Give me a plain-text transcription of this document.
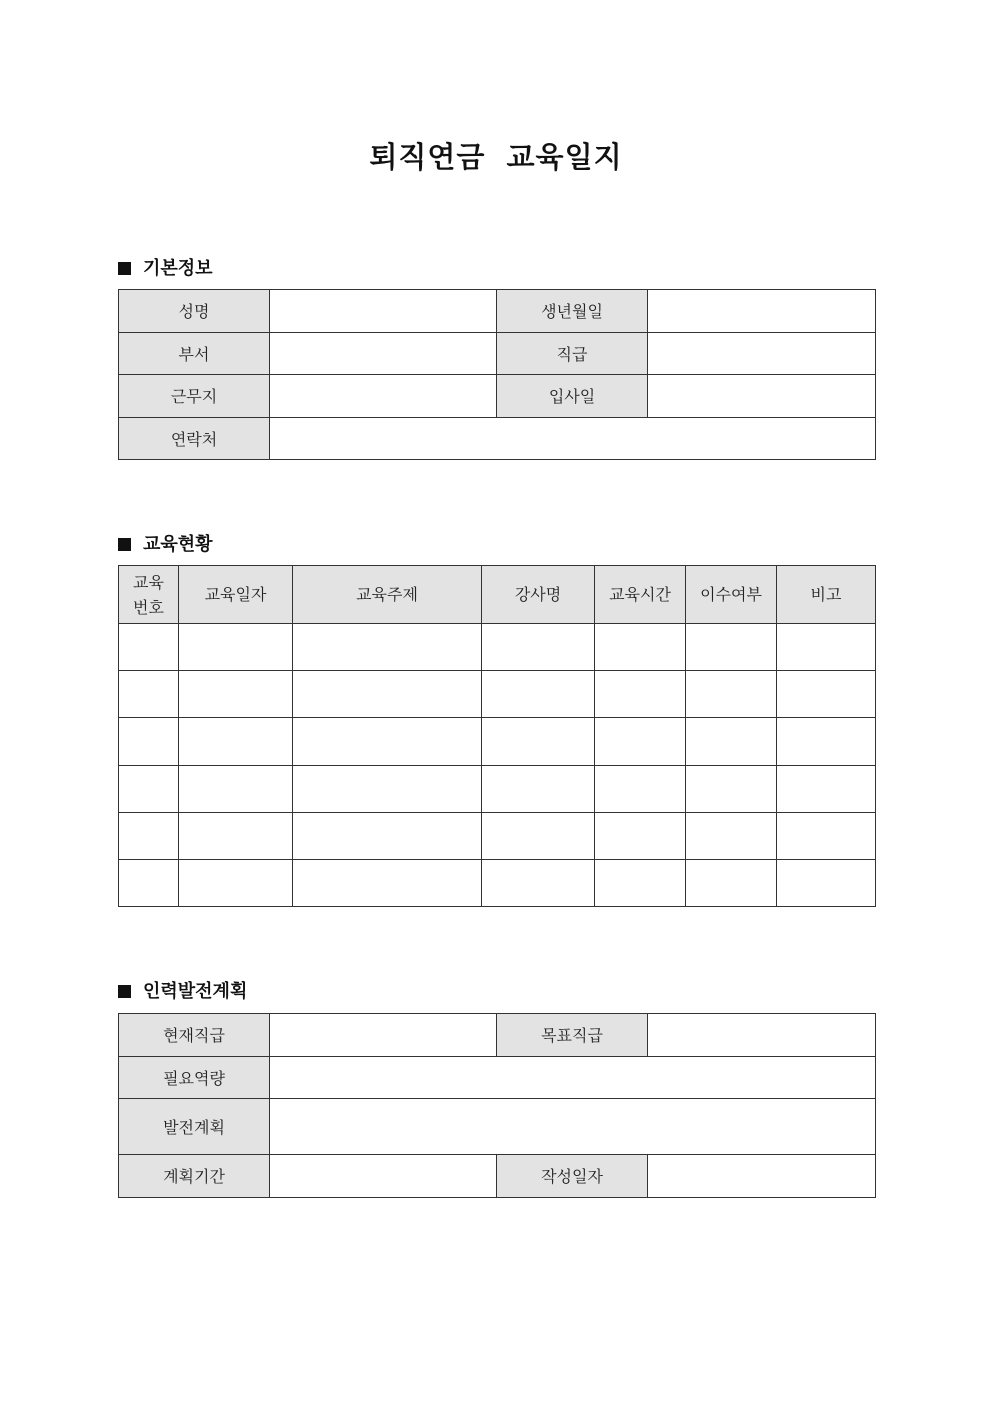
퇴직연금 교육일지
기본정보
성명		생년월일	
부서		직급	
근무지		입사일	
연락처			
교육현황
교육
번호	교육일자	교육주제	강사명	교육시간	이수여부	비고

인력발전계획
현재직급		목표직급	
필요역량			
발전계획			
계획기간		작성일자	
